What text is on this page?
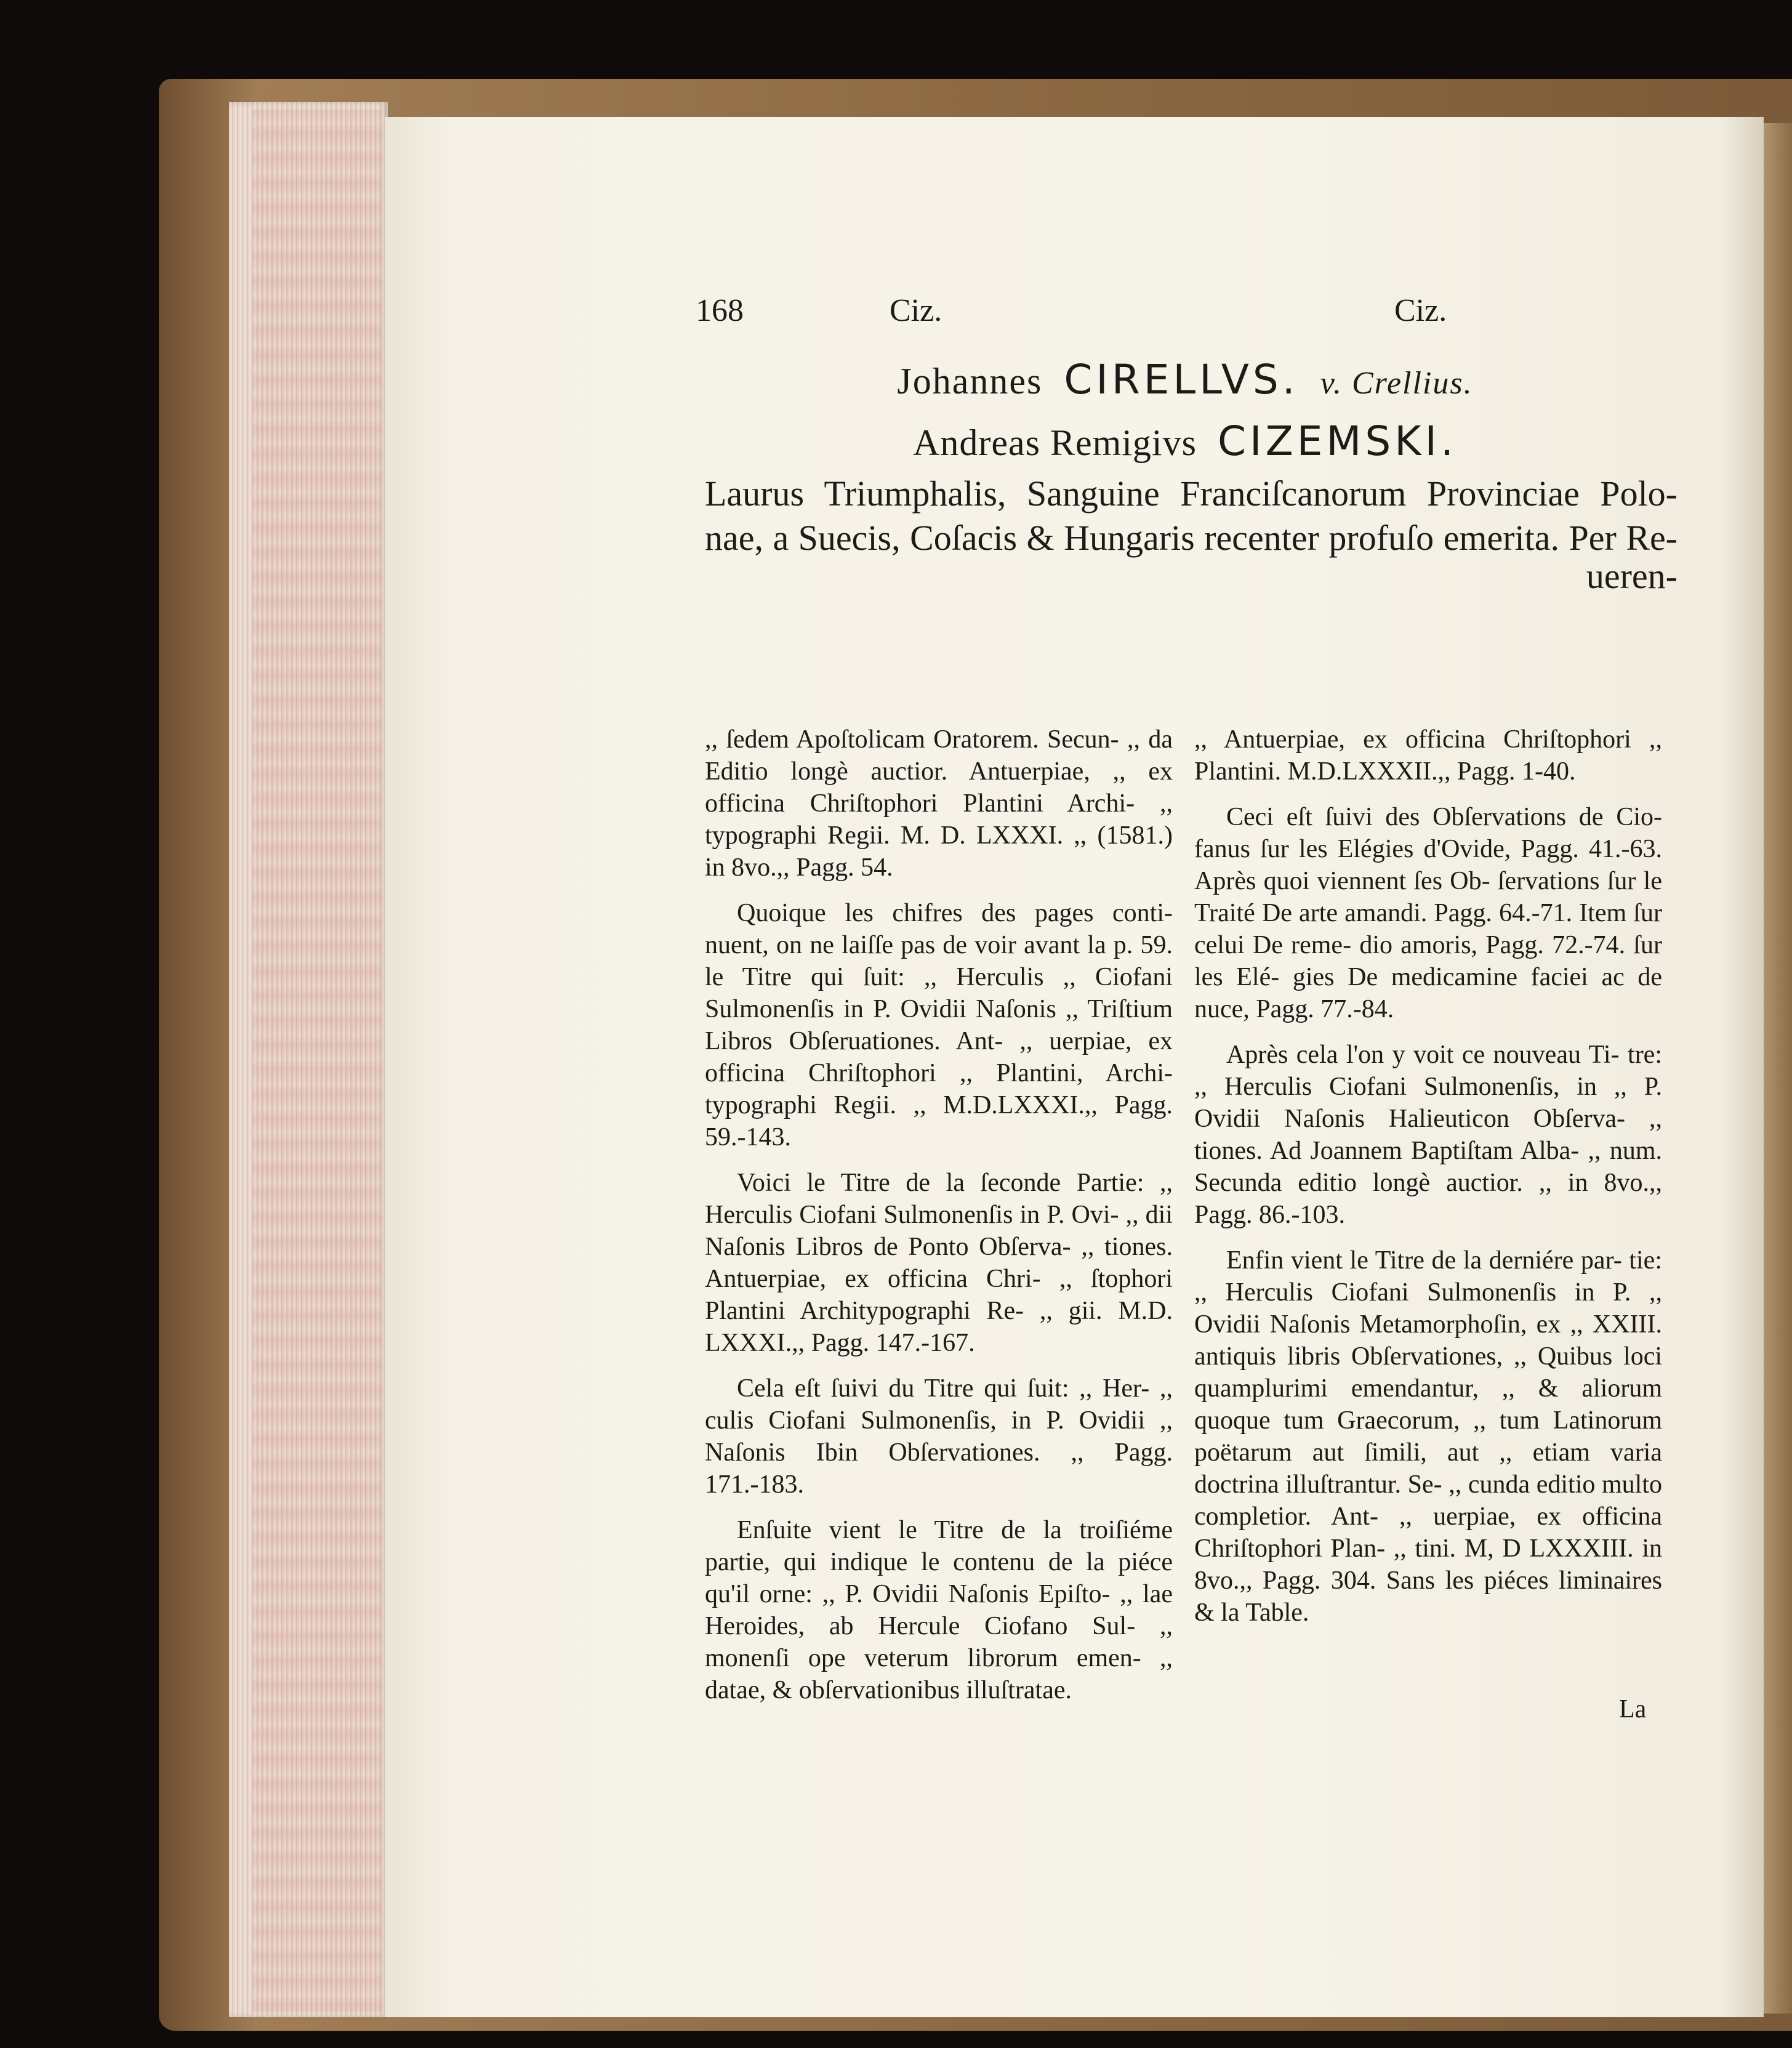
168	Ciz.	Ciz.
Johannes CIRELLVS. v. Crellius.
Andreas Remigivs CIZEMSKI.
Laurus Triumphalis, Sanguine Franciſcanorum Provinciae Polo-
nae, a Suecis, Coſacis & Hungaris recenter profuſo emerita. Per Re-
ueren-

,, ſedem Apoſtolicam Oratorem. Secun- ,, da Editio longè auctior. Antuerpiae, ,, ex officina Chriſtophori Plantini Archi- ,, typographi Regii. M. D. LXXXI. ,, (1581.) in 8vo.,, Pagg. 54.

Quoique les chifres des pages conti- nuent, on ne laiſſe pas de voir avant la p. 59. le Titre qui ſuit: ,, Herculis ,, Ciofani Sulmonenſis in P. Ovidii Naſonis ,, Triſtium Libros Obſeruationes. Ant- ,, uerpiae, ex officina Chriſtophori ,, Plantini, Archi-typographi Regii. ,, M.D.LXXXI.,, Pagg. 59.-143.

Voici le Titre de la ſeconde Partie: ,, Herculis Ciofani Sulmonenſis in P. Ovi- ,, dii Naſonis Libros de Ponto Obſerva- ,, tiones. Antuerpiae, ex officina Chri- ,, ſtophori Plantini Architypographi Re- ,, gii. M.D. LXXXI.,, Pagg. 147.-167.

Cela eſt ſuivi du Titre qui ſuit: ,, Her- ,, culis Ciofani Sulmonenſis, in P. Ovidii ,, Naſonis Ibin Obſervationes. ,, Pagg. 171.-183.

Enſuite vient le Titre de la troiſiéme partie, qui indique le contenu de la piéce qu'il orne: ,, P. Ovidii Naſonis Epiſto- ,, lae Heroides, ab Hercule Ciofano Sul- ,, monenſi ope veterum librorum emen- ,, datae, & obſervationibus illuſtratae.

,, Antuerpiae, ex officina Chriſtophori ,, Plantini. M.D.LXXXII.,, Pagg. 1-40.

Ceci eſt ſuivi des Obſervations de Cio- fanus ſur les Elégies d'Ovide, Pagg. 41.-63. Après quoi viennent ſes Ob- ſervations ſur le Traité De arte amandi. Pagg. 64.-71. Item ſur celui De reme- dio amoris, Pagg. 72.-74. ſur les Elé- gies De medicamine faciei ac de nuce, Pagg. 77.-84.

Après cela l'on y voit ce nouveau Ti- tre: ,, Herculis Ciofani Sulmonenſis, in ,, P. Ovidii Naſonis Halieuticon Obſerva- ,, tiones. Ad Joannem Baptiſtam Alba- ,, num. Secunda editio longè auctior. ,, in 8vo.,, Pagg. 86.-103.

Enfin vient le Titre de la derniére par- tie: ,, Herculis Ciofani Sulmonenſis in P. ,, Ovidii Naſonis Metamorphoſin, ex ,, XXIII. antiquis libris Obſervationes, ,, Quibus loci quamplurimi emendantur, ,, & aliorum quoque tum Graecorum, ,, tum Latinorum poëtarum aut ſimili, aut ,, etiam varia doctrina illuſtrantur. Se- ,, cunda editio multo completior. Ant- ,, uerpiae, ex officina Chriſtophori Plan- ,, tini. M, D LXXXIII. in 8vo.,, Pagg. 304. Sans les piéces liminaires & la Table.

La
